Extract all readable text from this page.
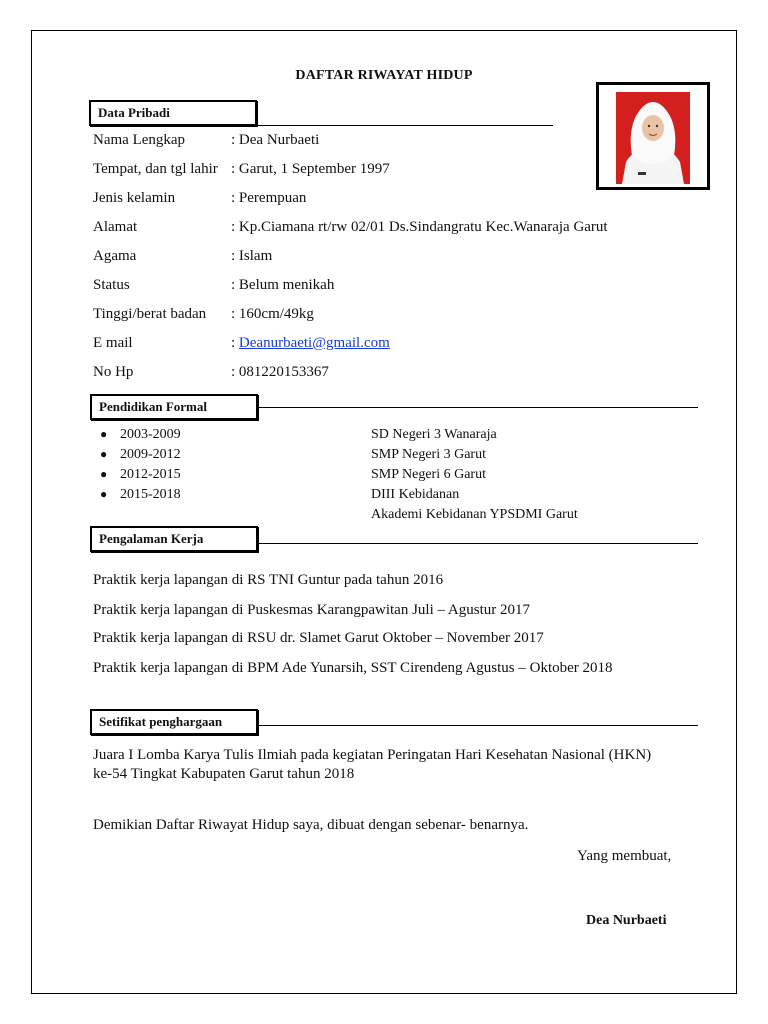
DAFTAR RIWAYAT HIDUP
Data Pribadi
Nama Lengkap	: Dea Nurbaeti
Tempat, dan tgl lahir : Garut, 1 September 1997
Jenis kelamin	: Perempuan
Alamat	: Kp.Ciamana rt/rw 02/01 Ds.Sindangratu Kec.Wanaraja Garut
Agama	: Islam
Status	: Belum menikah
Tinggi/berat badan : 160cm/49kg
E mail	: Deanurbaeti@gmail.com
No Hp	: 081220153367
Pendidikan Formal
● 2003-2009	SD Negeri 3 Wanaraja
● 2009-2012	SMP Negeri 3 Garut
● 2012-2015	SMP Negeri 6 Garut
● 2015-2018	DIII Kebidanan
Akademi Kebidanan YPSDMI Garut
Pengalaman Kerja
Praktik kerja lapangan di RS TNI Guntur pada tahun 2016
Praktik kerja lapangan di Puskesmas Karangpawitan Juli – Agustur 2017
Praktik kerja lapangan di RSU dr. Slamet Garut Oktober – November 2017
Praktik kerja lapangan di BPM Ade Yunarsih, SST Cirendeng Agustus – Oktober 2018
Setifikat penghargaan
Juara I Lomba Karya Tulis Ilmiah pada kegiatan Peringatan Hari Kesehatan Nasional (HKN)
ke-54 Tingkat Kabupaten Garut tahun 2018
Demikian Daftar Riwayat Hidup saya, dibuat dengan sebenar- benarnya.
Yang membuat,
Dea Nurbaeti
